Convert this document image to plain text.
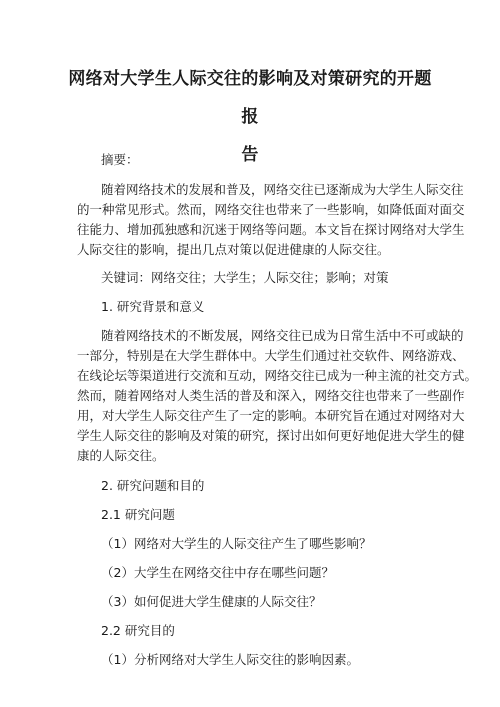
网络对大学生人际交往的影响及对策研究的开题报
告
摘要：
随着网络技术的发展和普及，网络交往已逐渐成为大学生人际交往
的一种常见形式。然而，网络交往也带来了一些影响，如降低面对面交
往能力、增加孤独感和沉迷于网络等问题。本文旨在探讨网络对大学生
人际交往的影响，提出几点对策以促进健康的人际交往。
关键词：网络交往；大学生；人际交往；影响；对策
1. 研究背景和意义
随着网络技术的不断发展，网络交往已成为日常生活中不可或缺的
一部分，特别是在大学生群体中。大学生们通过社交软件、网络游戏、
在线论坛等渠道进行交流和互动，网络交往已成为一种主流的社交方式。
然而，随着网络对人类生活的普及和深入，网络交往也带来了一些副作
用，对大学生人际交往产生了一定的影响。本研究旨在通过对网络对大
学生人际交往的影响及对策的研究，探讨出如何更好地促进大学生的健
康的人际交往。
2. 研究问题和目的
2.1 研究问题
（1）网络对大学生的人际交往产生了哪些影响？
（2）大学生在网络交往中存在哪些问题？
（3）如何促进大学生健康的人际交往？
2.2 研究目的
（1）分析网络对大学生人际交往的影响因素。
